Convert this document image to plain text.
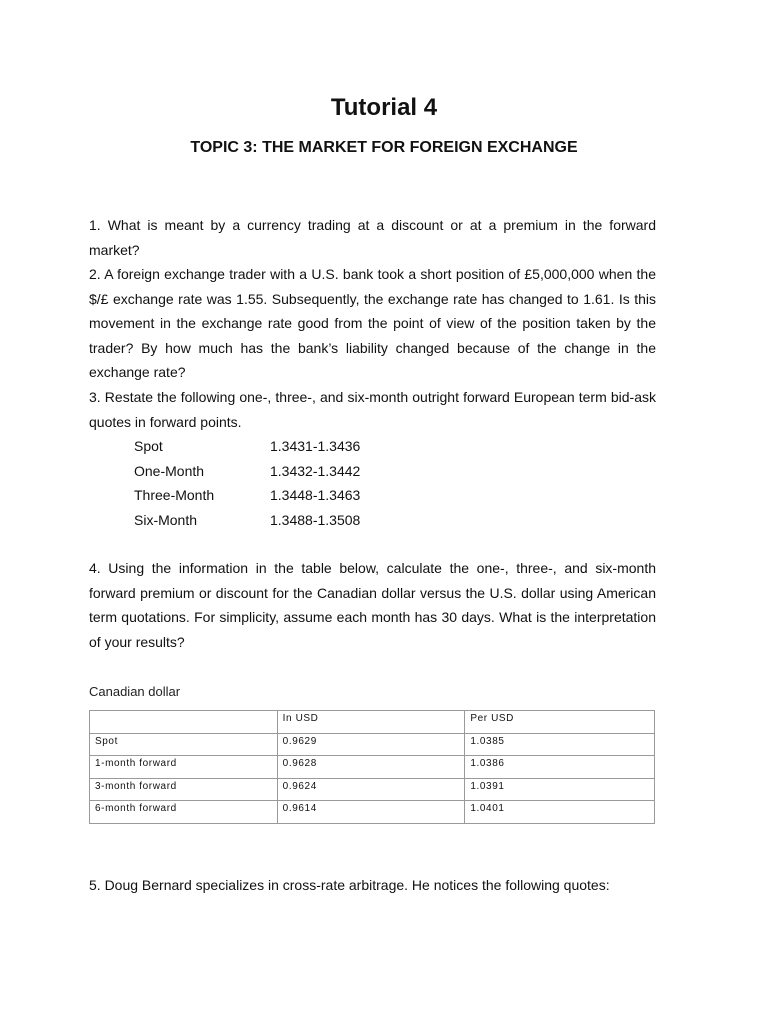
Tutorial 4
TOPIC 3: THE MARKET FOR FOREIGN EXCHANGE

1. What is meant by a currency trading at a discount or at a premium in the forward market?

2. A foreign exchange trader with a U.S. bank took a short position of £5,000,000 when the $/£ exchange rate was 1.55. Subsequently, the exchange rate has changed to 1.61. Is this movement in the exchange rate good from the point of view of the position taken by the trader? By how much has the bank’s liability changed because of the change in the exchange rate?

3. Restate the following one-, three-, and six-month outright forward European term bid-ask quotes in forward points.

Spot	1.3431-1.3436
One-Month	1.3432-1.3442
Three-Month	1.3448-1.3463
Six-Month	1.3488-1.3508

4. Using the information in the table below, calculate the one-, three-, and six-month forward premium or discount for the Canadian dollar versus the U.S. dollar using American term quotations. For simplicity, assume each month has 30 days. What is the interpretation of your results?

Canadian dollar

	In USD	Per USD
Spot	0.9629	1.0385
1-month forward	0.9628	1.0386
3-month forward	0.9624	1.0391
6-month forward	0.9614	1.0401

5. Doug Bernard specializes in cross-rate arbitrage. He notices the following quotes:
